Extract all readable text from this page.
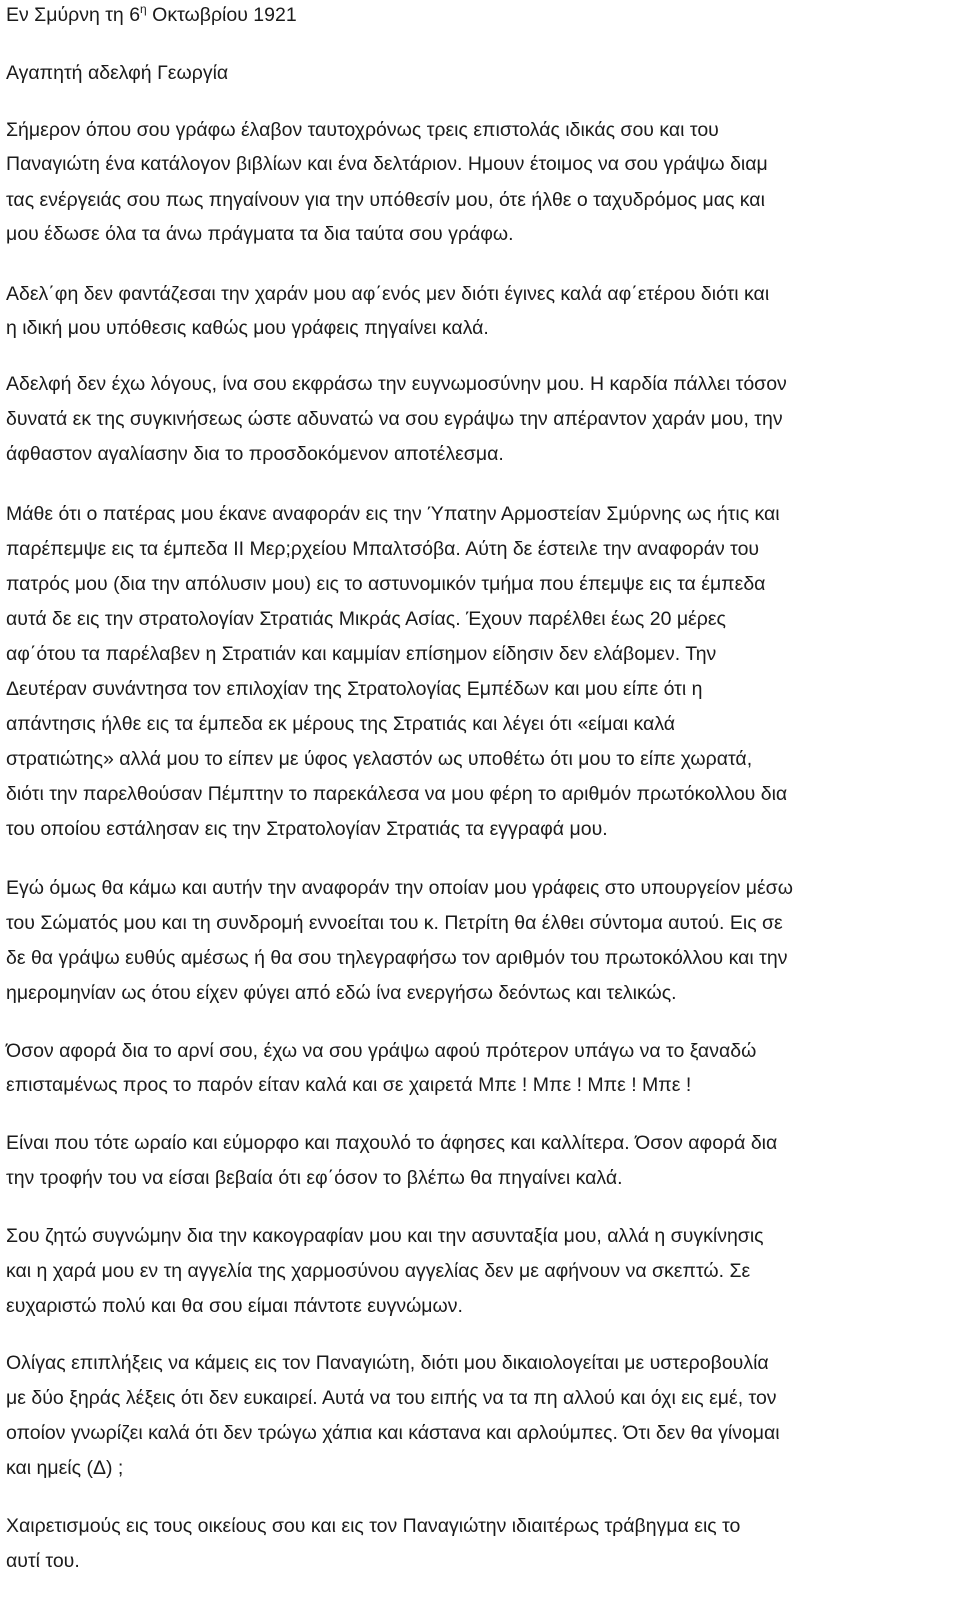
Εν Σμύρνη τη $6^\eta$ Οκτωβρίου 1921
Αγαπητή αδελφή Γεωργία
Σήμερον όπου σου γράφω έλαβον ταυτοχρόνως τρεις επιστολάς ιδικάς σου και του
Παναγιώτη ένα κατάλογον βιβλίων και ένα δελτάριον. Ημουν έτοιμος να σου γράψω διαμ
τας ενέργειάς σου πως πηγαίνουν για την υπόθεσίν μου, ότε ήλθε ο ταχυδρόμος μας και
μου έδωσε όλα τα άνω πράγματα τα δια ταύτα σου γράφω.
Αδελ΄φη δεν φαντάζεσαι την χαράν μου αφ΄ενός μεν διότι έγινες καλά αφ΄ετέρου διότι και
η ιδική μου υπόθεσις καθώς μου γράφεις πηγαίνει καλά.
Αδελφή δεν έχω λόγους, ίνα σου εκφράσω την ευγνωμοσύνην μου. Η καρδία πάλλει τόσον
δυνατά εκ της συγκινήσεως ώστε αδυνατώ να σου εγράψω την απέραντον χαράν μου, την
άφθαστον αγαλίασην δια το προσδοκόμενον αποτέλεσμα.
Μάθε ότι ο πατέρας μου έκανε αναφοράν εις την Ύπατην Αρμοστείαν Σμύρνης ως ήτις και
παρέπεμψε εις τα έμπεδα ΙΙ Μερ;ρχείου Μπαλτσόβα. Αύτη δε έστειλε την αναφοράν του
πατρός μου (δια την απόλυσιν μου) εις το αστυνομικόν τμήμα που έπεμψε εις τα έμπεδα
αυτά δε εις την στρατολογίαν Στρατιάς Μικράς Ασίας. Έχουν παρέλθει έως 20 μέρες
αφ΄ότου τα παρέλαβεν η Στρατιάν και καμμίαν επίσημον είδησιν δεν ελάβομεν. Την
Δευτέραν συνάντησα τον επιλοχίαν της Στρατολογίας Εμπέδων και μου είπε ότι η
απάντησις ήλθε εις τα έμπεδα εκ μέρους της Στρατιάς και λέγει ότι «είμαι καλά
στρατιώτης» αλλά μου το είπεν με ύφος γελαστόν ως υποθέτω ότι μου το είπε χωρατά,
διότι την παρελθούσαν Πέμπτην το παρεκάλεσα να μου φέρη το αριθμόν πρωτόκολλου δια
του οποίου εστάλησαν εις την Στρατολογίαν Στρατιάς τα εγγραφά μου.
Εγώ όμως θα κάμω και αυτήν την αναφοράν την οποίαν μου γράφεις στο υπουργείον μέσω
του Σώματός μου και τη συνδρομή εννοείται του κ. Πετρίτη θα έλθει σύντομα αυτού. Εις σε
δε θα γράψω ευθύς αμέσως ή θα σου τηλεγραφήσω τον αριθμόν του πρωτοκόλλου και την
ημερομηνίαν ως ότου είχεν φύγει από εδώ ίνα ενεργήσω δεόντως και τελικώς.
Όσον αφορά δια το αρνί σου, έχω να σου γράψω αφού πρότερον υπάγω να το ξαναδώ
επισταμένως προς το παρόν είταν καλά και σε χαιρετά Μπε ! Μπε ! Μπε ! Μπε !
Είναι που τότε ωραίο και εύμορφο και παχουλό το άφησες και καλλίτερα. Όσον αφορά δια
την τροφήν του να είσαι βεβαία ότι εφ΄όσον το βλέπω θα πηγαίνει καλά.
Σου ζητώ συγνώμην δια την κακογραφίαν μου και την ασυνταξία μου, αλλά η συγκίνησις
και η χαρά μου εν τη αγγελία της χαρμοσύνου αγγελίας δεν με αφήνουν να σκεπτώ. Σε
ευχαριστώ πολύ και θα σου είμαι πάντοτε ευγνώμων.
Ολίγας επιπλήξεις να κάμεις εις τον Παναγιώτη, διότι μου δικαιολογείται με υστεροβουλία
με δύο ξηράς λέξεις ότι δεν ευκαιρεί. Αυτά να του ειπής να τα πη αλλού και όχι εις εμέ, τον
οποίον γνωρίζει καλά ότι δεν τρώγω χάπια και κάστανα και αρλούμπες. Ότι δεν θα γίνομαι
και ημείς (Δ) ;
Χαιρετισμούς εις τους οικείους σου και εις τον Παναγιώτην ιδιαιτέρως τράβηγμα εις το
αυτί του.
